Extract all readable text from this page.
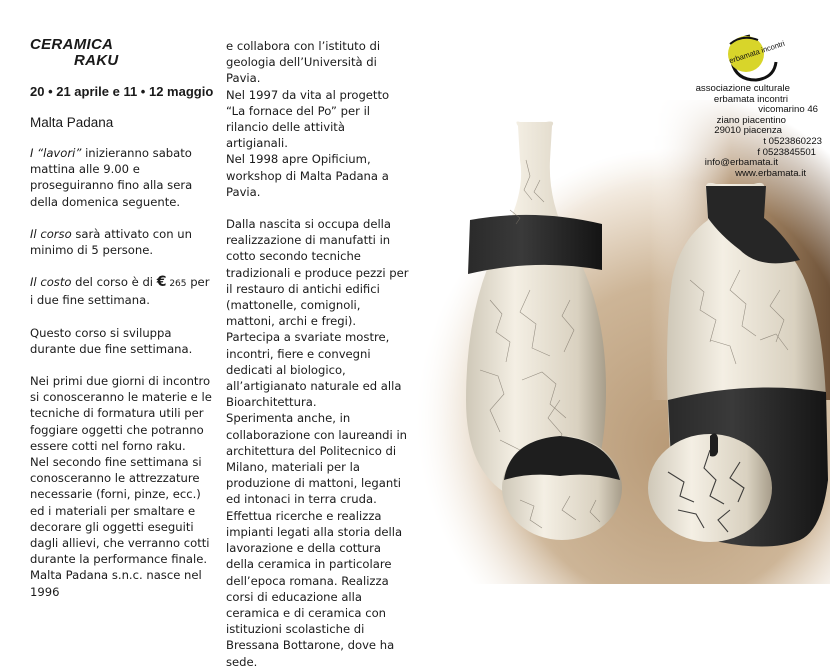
CERAMICA
RAKU
20 • 21 aprile e 11 • 12 maggio
Malta Padana

I “lavori” inizieranno sabato mattina alle 9.00 e proseguiranno fino alla sera della domenica seguente.

Il corso sarà attivato con un minimo di 5 persone.

Il costo del corso è di € 265 per i due fine settimana.

Questo corso si sviluppa durante due fine settimana.

Nei primi due giorni di incontro si conosceranno le materie e le tecniche di formatura utili per foggiare oggetti che potranno essere cotti nel forno raku.

Nel secondo fine settimana si conosceranno le attrezzature necessarie (forni, pinze, ecc.) ed i materiali per smaltare e decorare gli oggetti eseguiti dagli allievi, che verranno cotti durante la performance finale.

Malta Padana s.n.c. nasce nel 1996

e collabora con l’istituto di geologia dell’Università di Pavia.

Nel 1997 da vita al progetto “La fornace del Po” per il rilancio delle attività artigianali.

Nel 1998 apre Opificium, workshop di Malta Padana a Pavia.

Dalla nascita si occupa della realizzazione di manufatti in cotto secondo tecniche tradizionali e produce pezzi per il restauro di antichi edifici (mattonelle, comignoli, mattoni, archi e fregi). Partecipa a svariate mostre, incontri, fiere e convegni dedicati al biologico, all’artigianato naturale ed alla Bioarchitettura.

Sperimenta anche, in collaborazione con laureandi in architettura del Politecnico di Milano, materiali per la produzione di mattoni, leganti ed intonaci in terra cruda.

Effettua ricerche e realizza impianti legati alla storia della lavorazione e della cottura della ceramica in particolare dell’epoca romana. Realizza corsi di educazione alla ceramica e di ceramica con istituzioni scolastiche di Bressana Bottarone, dove ha sede.

erbamata incontri
associazione culturale
erbamata incontri
vicomarino 46
ziano piacentino
29010 piacenza
t 0523860223
f 0523845501
info@erbamata.it
www.erbamata.it
